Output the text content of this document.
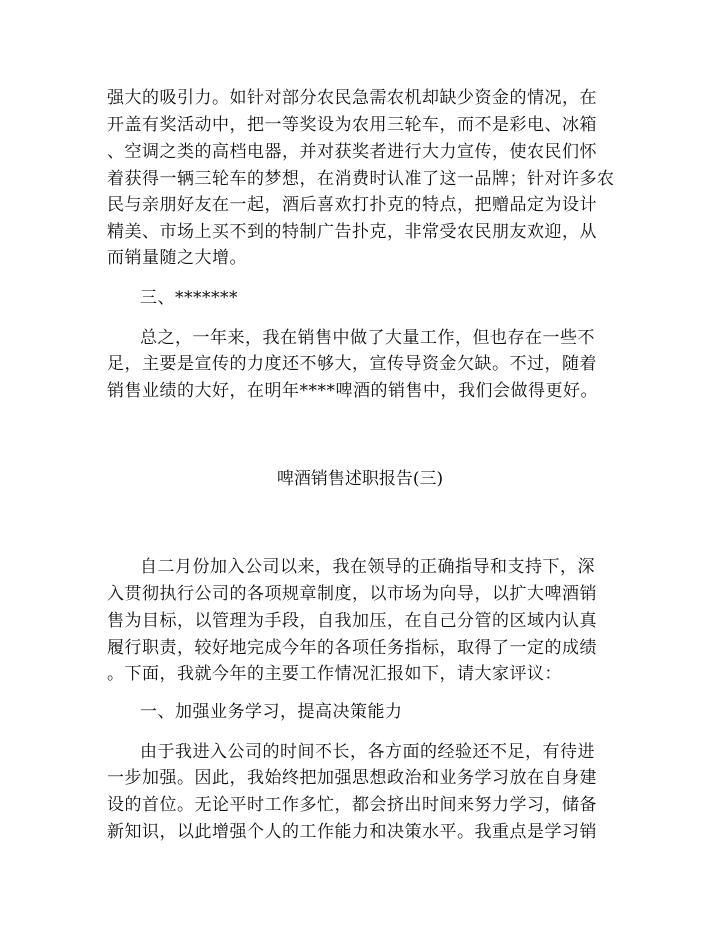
强大的吸引力。如针对部分农民急需农机却缺少资金的情况，在
开盖有奖活动中，把一等奖设为农用三轮车，而不是彩电、冰箱
、空调之类的高档电器，并对获奖者进行大力宣传，使农民们怀
着获得一辆三轮车的梦想，在消费时认准了这一品牌；针对许多农
民与亲朋好友在一起，酒后喜欢打扑克的特点，把赠品定为设计
精美、市场上买不到的特制广告扑克，非常受农民朋友欢迎，从
而销量随之大增。
三、*******
总之，一年来，我在销售中做了大量工作，但也存在一些不
足，主要是宣传的力度还不够大，宣传导资金欠缺。不过，随着
销售业绩的大好，在明年****啤酒的销售中，我们会做得更好。
啤酒销售述职报告(三)
自二月份加入公司以来，我在领导的正确指导和支持下，深
入贯彻执行公司的各项规章制度，以市场为向导，以扩大啤酒销
售为目标，以管理为手段，自我加压，在自己分管的区域内认真
履行职责，较好地完成今年的各项任务指标，取得了一定的成绩
。下面，我就今年的主要工作情况汇报如下，请大家评议：
一、加强业务学习，提高决策能力
由于我进入公司的时间不长，各方面的经验还不足，有待进
一步加强。因此，我始终把加强思想政治和业务学习放在自身建
设的首位。无论平时工作多忙，都会挤出时间来努力学习，储备
新知识，以此增强个人的工作能力和决策水平。我重点是学习销
